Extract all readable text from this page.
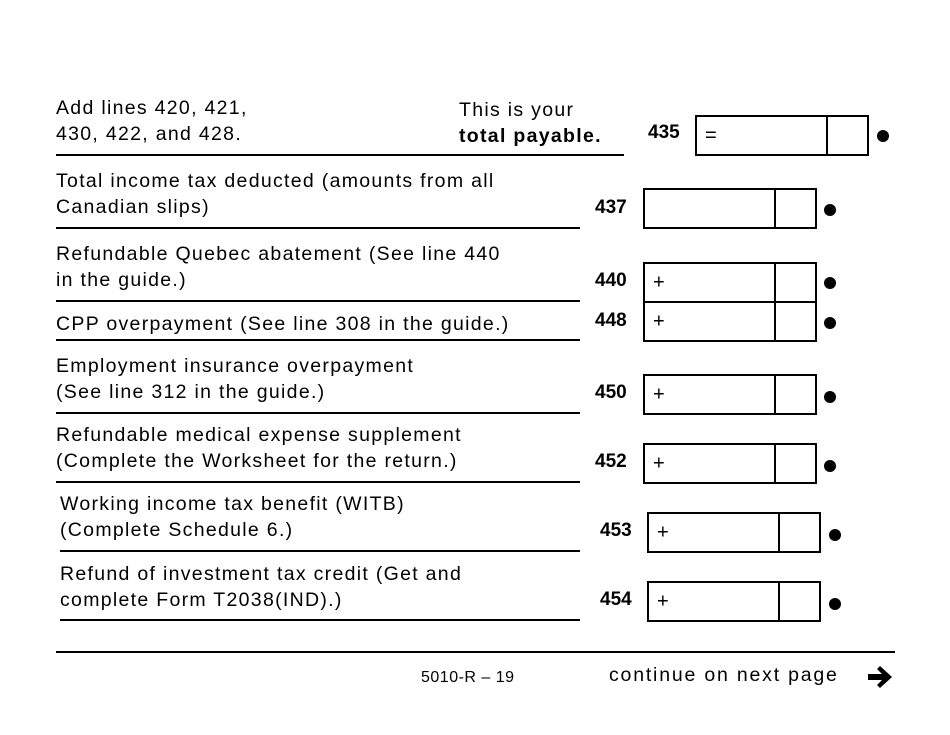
Add lines 420, 421,
430, 422, and 428.
This is your
total payable. 435 =
Total income tax deducted (amounts from all
Canadian slips)	437
Refundable Quebec abatement (See line 440
in the guide.)	440 +
CPP overpayment (See line 308 in the guide.)	448 +
Employment insurance overpayment
(See line 312 in the guide.)	450 +
Refundable medical expense supplement
(Complete the Worksheet for the return.)	452 +
Working income tax benefit (WITB)
(Complete Schedule 6.)	453 +
Refund of investment tax credit (Get and
complete Form T2038(IND).)	454 +
5010-R – 19	continue on next page
